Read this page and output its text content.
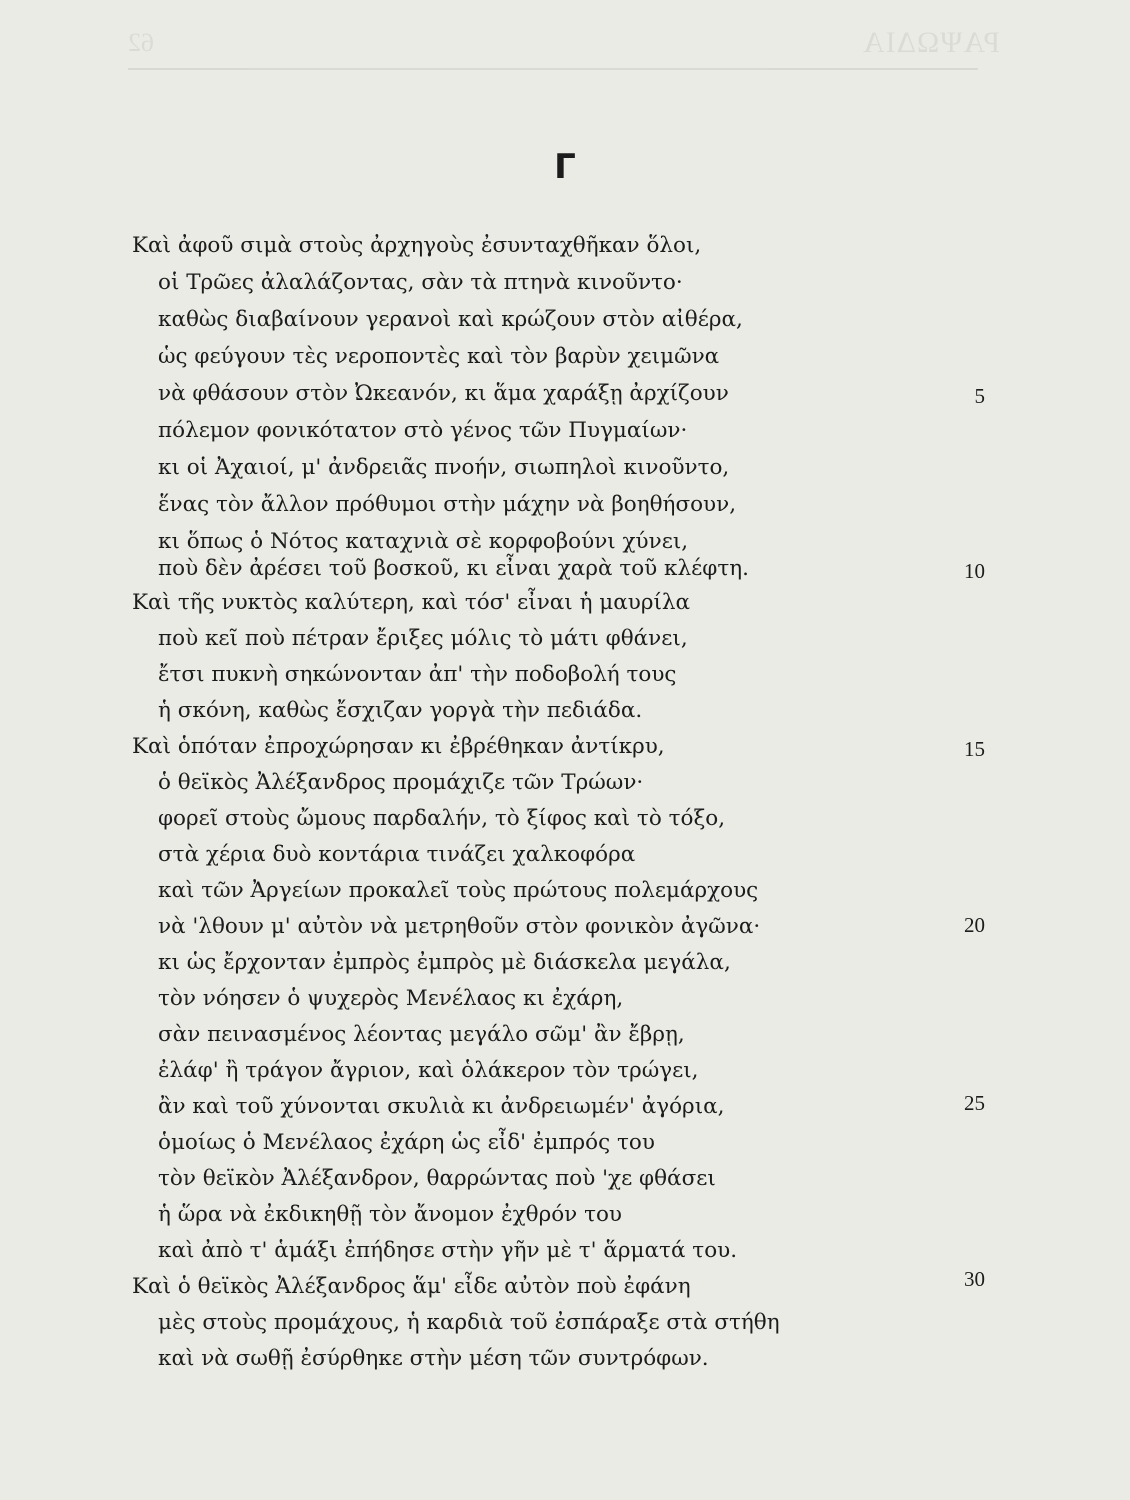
ΡΑΨΩΔΙΑ
62
Γ
Καὶ ἀφοῦ σιμὰ στοὺς ἀρχηγοὺς ἐσυνταχθῆκαν ὅλοι,
οἱ Τρῶες ἀλαλάζοντας, σὰν τὰ πτηνὰ κινοῦντο·
καθὼς διαβαίνουν γερανοὶ καὶ κρώζουν στὸν αἰθέρα,
ὡς φεύγουν τὲς νεροποντὲς καὶ τὸν βαρὺν χειμῶνα
νὰ φθάσουν στὸν Ὠκεανόν, κι ἅμα χαράξῃ ἀρχίζουν
πόλεμον φονικότατον στὸ γένος τῶν Πυγμαίων·
κι οἱ Ἀχαιοί, μ' ἀνδρειᾶς πνοήν, σιωπηλοὶ κινοῦντο,
ἕνας τὸν ἄλλον πρόθυμοι στὴν μάχην νὰ βοηθήσουν,
κι ὅπως ὁ Νότος καταχνιὰ σὲ κορφοβούνι χύνει,
ποὺ δὲν ἀρέσει τοῦ βοσκοῦ, κι εἶναι χαρὰ τοῦ κλέφτη.
Καὶ τῆς νυκτὸς καλύτερη, καὶ τόσ' εἶναι ἡ μαυρίλα
ποὺ κεῖ ποὺ πέτραν ἔριξες μόλις τὸ μάτι φθάνει,
ἔτσι πυκνὴ σηκώνονταν ἀπ' τὴν ποδοβολή τους
ἡ σκόνη, καθὼς ἔσχιζαν γοργὰ τὴν πεδιάδα.
Καὶ ὁπόταν ἐπροχώρησαν κι ἐβρέθηκαν ἀντίκρυ,
ὁ θεϊκὸς Ἀλέξανδρος προμάχιζε τῶν Τρώων·
φορεῖ στοὺς ὤμους παρδαλήν, τὸ ξίφος καὶ τὸ τόξο,
στὰ χέρια δυὸ κοντάρια τινάζει χαλκοφόρα
καὶ τῶν Ἀργείων προκαλεῖ τοὺς πρώτους πολεμάρχους
νὰ 'λθουν μ' αὐτὸν νὰ μετρηθοῦν στὸν φονικὸν ἀγῶνα·
κι ὡς ἔρχονταν ἐμπρὸς ἐμπρὸς μὲ διάσκελα μεγάλα,
τὸν νόησεν ὁ ψυχερὸς Μενέλαος κι ἐχάρη,
σὰν πεινασμένος λέοντας μεγάλο σῶμ' ἂν ἔβρῃ,
ἐλάφ' ἢ τράγον ἄγριον, καὶ ὁλάκερον τὸν τρώγει,
ἂν καὶ τοῦ χύνονται σκυλιὰ κι ἀνδρειωμέν' ἀγόρια,
ὁμοίως ὁ Μενέλαος ἐχάρη ὡς εἶδ' ἐμπρός του
τὸν θεϊκὸν Ἀλέξανδρον, θαρρώντας ποὺ 'χε φθάσει
ἡ ὥρα νὰ ἐκδικηθῇ τὸν ἄνομον ἐχθρόν του
καὶ ἀπὸ τ' ἁμάξι ἐπήδησε στὴν γῆν μὲ τ' ἅρματά του.
Καὶ ὁ θεϊκὸς Ἀλέξανδρος ἅμ' εἶδε αὐτὸν ποὺ ἐφάνη
μὲς στοὺς προμάχους, ἡ καρδιὰ τοῦ ἐσπάραξε στὰ στήθη
καὶ νὰ σωθῇ ἐσύρθηκε στὴν μέση τῶν συντρόφων.
5
10
15
20
25
30
